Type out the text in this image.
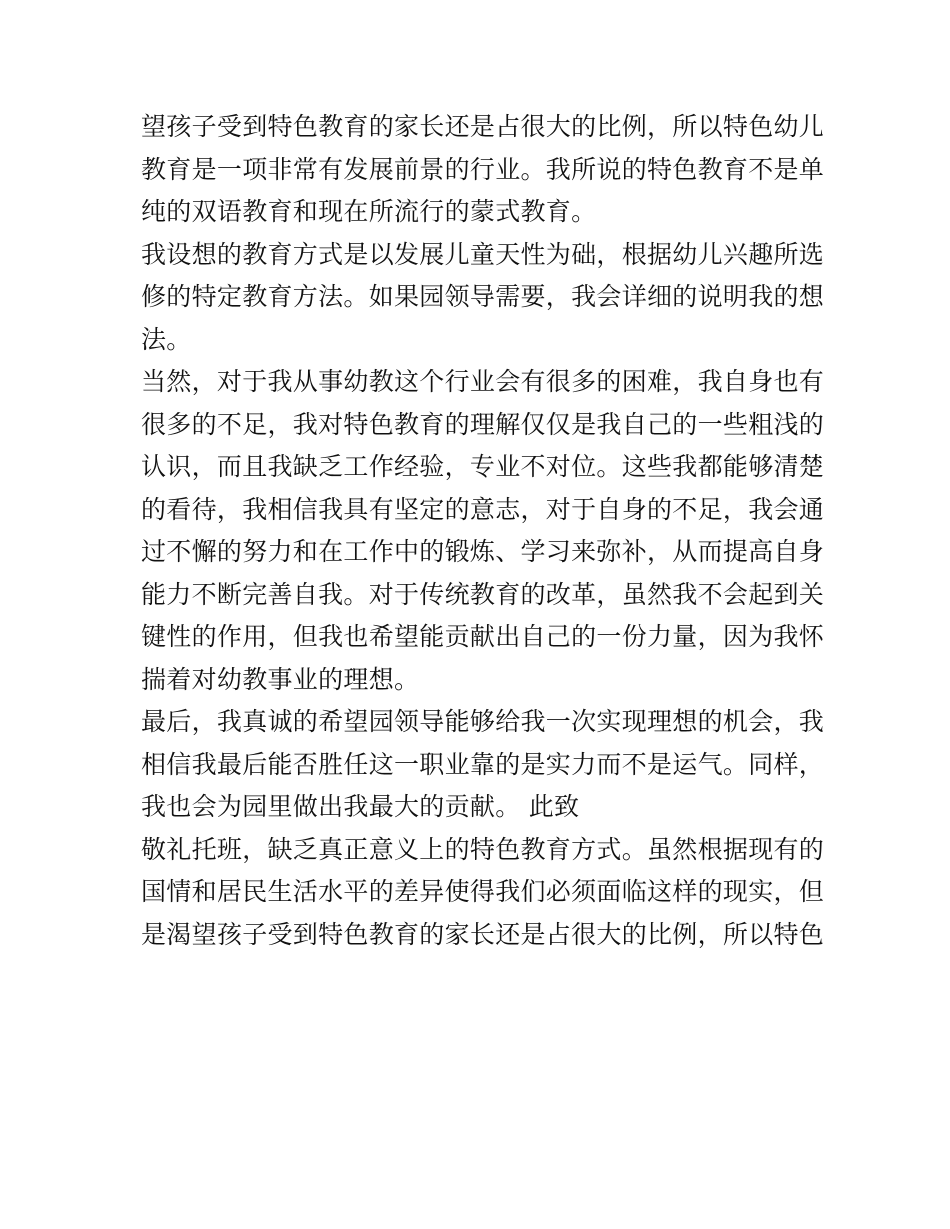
望孩子受到特色教育的家长还是占很大的比例，所以特色幼儿
教育是一项非常有发展前景的行业。我所说的特色教育不是单
纯的双语教育和现在所流行的蒙式教育。
我设想的教育方式是以发展儿童天性为础，根据幼儿兴趣所选
修的特定教育方法。如果园领导需要，我会详细的说明我的想
法。
当然，对于我从事幼教这个行业会有很多的困难，我自身也有
很多的不足，我对特色教育的理解仅仅是我自己的一些粗浅的
认识，而且我缺乏工作经验，专业不对位。这些我都能够清楚
的看待，我相信我具有坚定的意志，对于自身的不足，我会通
过不懈的努力和在工作中的锻炼、学习来弥补，从而提高自身
能力不断完善自我。对于传统教育的改革，虽然我不会起到关
键性的作用，但我也希望能贡献出自己的一份力量，因为我怀
揣着对幼教事业的理想。
最后，我真诚的希望园领导能够给我一次实现理想的机会，我
相信我最后能否胜任这一职业靠的是实力而不是运气。同样，
我也会为园里做出我最大的贡献。 此致
敬礼托班，缺乏真正意义上的特色教育方式。虽然根据现有的
国情和居民生活水平的差异使得我们必须面临这样的现实，但
是渴望孩子受到特色教育的家长还是占很大的比例，所以特色
